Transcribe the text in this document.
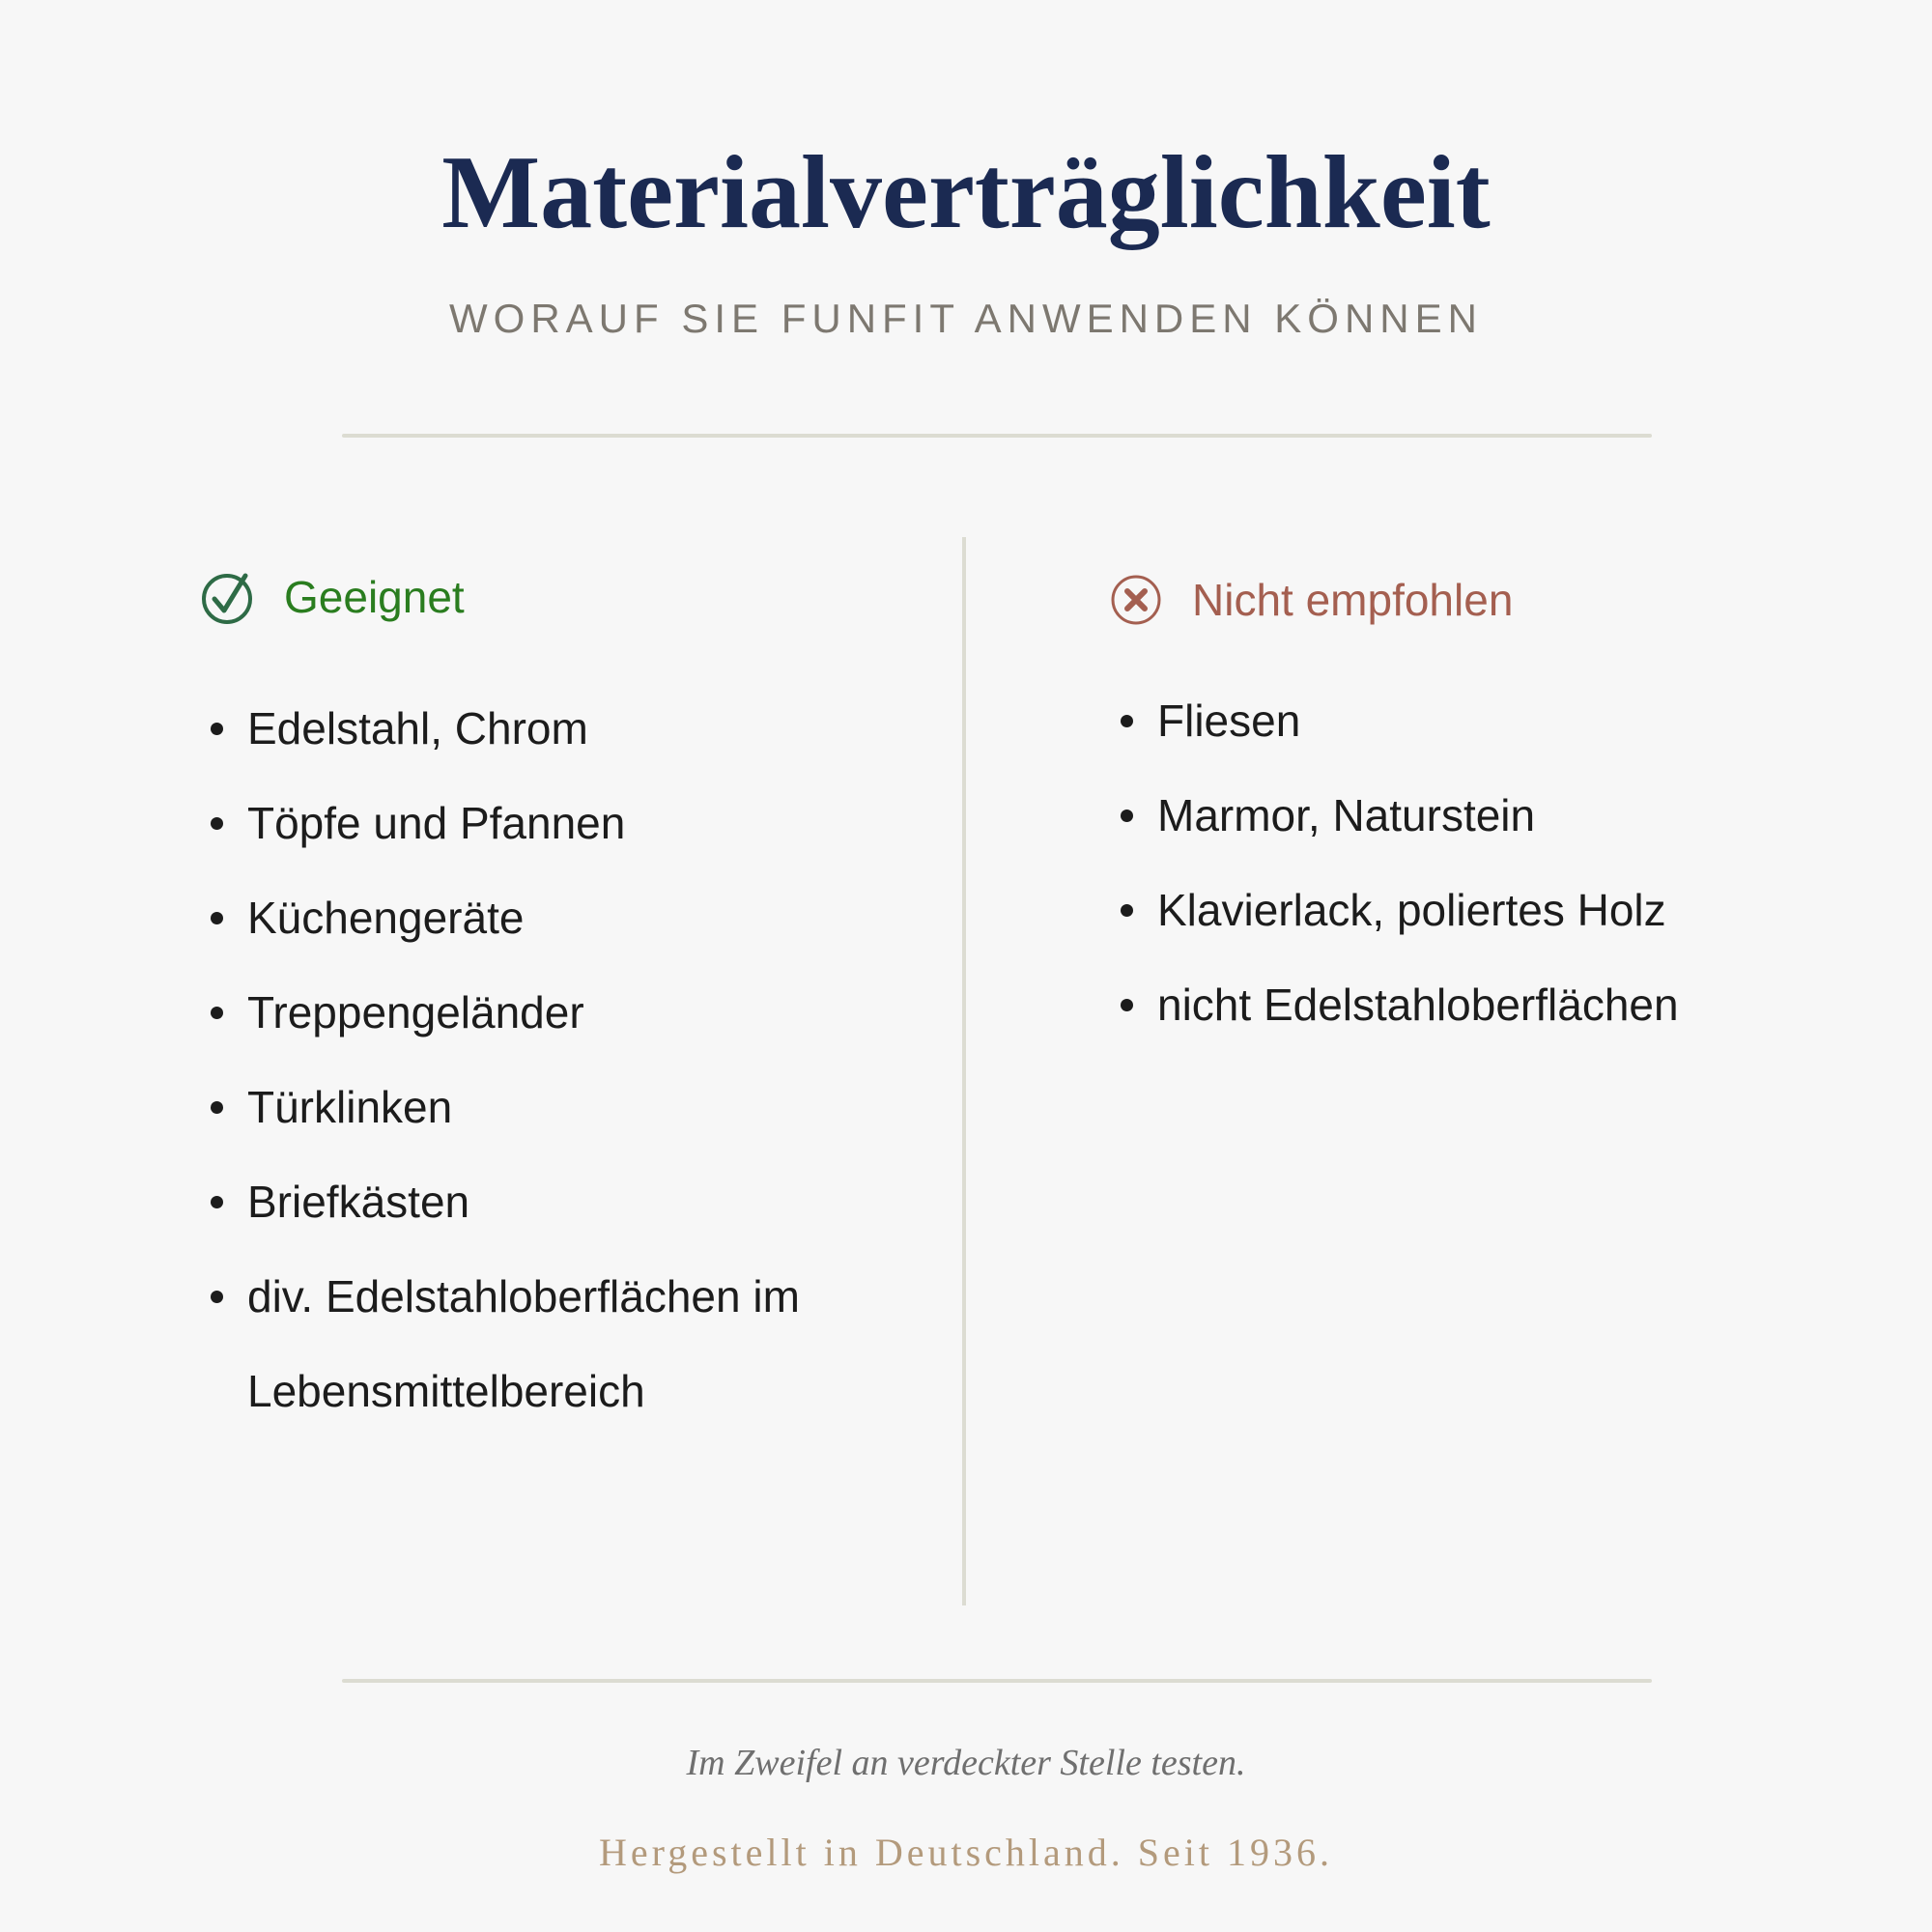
Materialverträglichkeit

WORAUF SIE FUNFIT ANWENDEN KÖNNEN

Geeignet
Edelstahl, Chrom
Töpfe und Pfannen
Küchengeräte
Treppengeländer
Türklinken
Briefkästen
div. Edelstahloberflächen im Lebensmittelbereich
Nicht empfohlen
Fliesen
Marmor, Naturstein
Klavierlack, poliertes Holz
nicht Edelstahloberflächen

Im Zweifel an verdeckter Stelle testen.

Hergestellt in Deutschland. Seit 1936.
